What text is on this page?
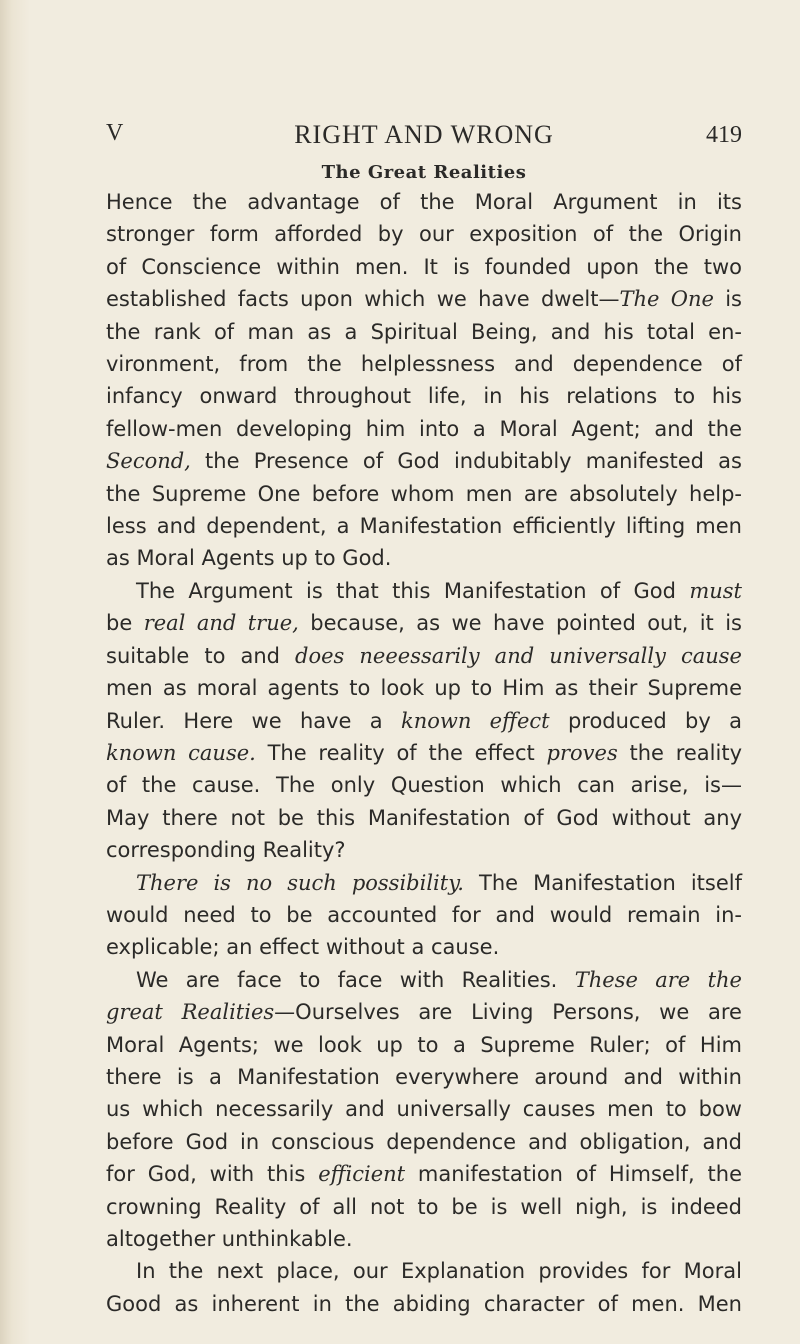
V	RIGHT AND WRONG	419
The Great Realities

Hence the advantage of the Moral Argument in its
stronger form afforded by our exposition of the Origin
of Conscience within men. It is founded upon the two
established facts upon which we have dwelt—The One is
the rank of man as a Spiritual Being, and his total en-
vironment, from the helplessness and dependence of
infancy onward throughout life, in his relations to his
fellow-men developing him into a Moral Agent; and the
Second, the Presence of God indubitably manifested as
the Supreme One before whom men are absolutely help-
less and dependent, a Manifestation efficiently lifting men
as Moral Agents up to God.

The Argument is that this Manifestation of God must
be real and true, because, as we have pointed out, it is
suitable to and does neeessarily and universally cause
men as moral agents to look up to Him as their Supreme
Ruler. Here we have a known effect produced by a
known cause. The reality of the effect proves the reality
of the cause. The only Question which can arise, is—
May there not be this Manifestation of God without any
corresponding Reality?

There is no such possibility. The Manifestation itself
would need to be accounted for and would remain in-
explicable; an effect without a cause.

We are face to face with Realities. These are the
great Realities—Ourselves are Living Persons, we are
Moral Agents; we look up to a Supreme Ruler; of Him
there is a Manifestation everywhere around and within
us which necessarily and universally causes men to bow
before God in conscious dependence and obligation, and
for God, with this efficient manifestation of Himself, the
crowning Reality of all not to be is well nigh, is indeed
altogether unthinkable.

In the next place, our Explanation provides for Moral
Good as inherent in the abiding character of men. Men
